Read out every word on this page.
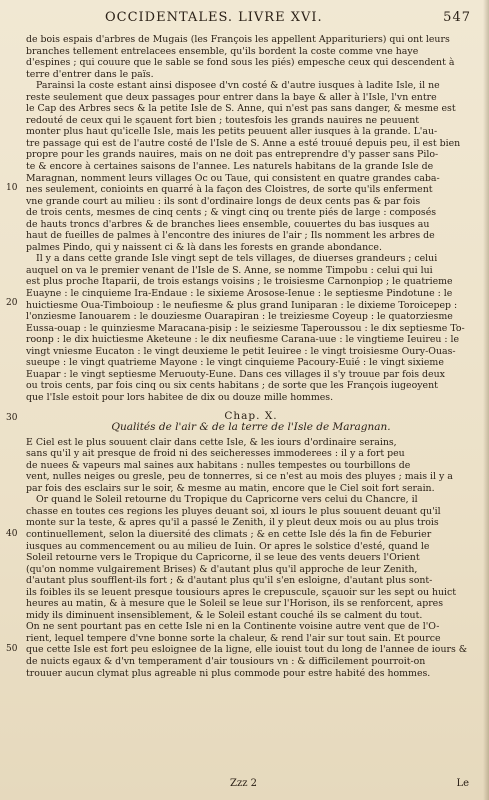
OCCIDENTALES. LIVRE XVI.	547
10
20
30
40
50

de bois espais d'arbres de Mugais (les François les appellent Apparituriers) qui ont leurs
branches tellement entrelacees ensemble, qu'ils bordent la coste comme vne haye
d'espines ; qui couure que le sable se fond sous les piés) empesche ceux qui descendent à
terre d'entrer dans le païs.

Parainsi la coste estant ainsi disposee d'vn costé & d'autre iusques à ladite Isle, il ne
reste seulement que deux passages pour entrer dans la baye & aller à l'Isle, l'vn entre
le Cap des Arbres secs & la petite Isle de S. Anne, qui n'est pas sans danger, & mesme est
redouté de ceux qui le sçauent fort bien ; toutesfois les grands nauires ne peuuent
monter plus haut qu'icelle Isle, mais les petits peuuent aller iusques à la grande. L'au-
tre passage qui est de l'autre costé de l'Isle de S. Anne a esté trouué depuis peu, il est bien
propre pour les grands nauires, mais on ne doit pas entreprendre d'y passer sans Pilo-
te & encore à certaines saisons de l'annee. Les naturels habitans de la grande Isle de
Maragnan, nomment leurs villages Oc ou Taue, qui consistent en quatre grandes caba-
nes seulement, conioints en quarré à la façon des Cloistres, de sorte qu'ils enferment
vne grande court au milieu : ils sont d'ordinaire longs de deux cents pas & par fois
de trois cents, mesmes de cinq cents ; & vingt cinq ou trente piés de large : composés
de hauts troncs d'arbres & de branches liees ensemble, couuertes du bas iusques au
haut de fueilles de palmes à l'encontre des iniures de l'air ; Ils nomment les arbres de
palmes Pindo, qui y naissent ci & là dans les forests en grande abondance.

Il y a dans cette grande Isle vingt sept de tels villages, de diuerses grandeurs ; celui
auquel on va le premier venant de l'Isle de S. Anne, se nomme Timpobu : celui qui lui
est plus proche Itaparii, de trois estangs voisins ; le troisiesme Carnonpiop ; le quatrieme
Euayne : le cinquieme Ira-Endaue : le sixieme Arosose-Ienue : le septiesme Pindotune : le
huictiesme Oua-Timboioup : le neufiesme & plus grand Iuniparan : le dixieme Toroicepep :
l'onziesme Ianouarem : le douziesme Ouarapiran : le treiziesme Coyeup : le quatorziesme
Eussa-ouap : le quinziesme Maracana-pisip : le seiziesme Taperoussou : le dix septiesme To-
roonp : le dix huictiesme Aketeune : le dix neufiesme Carana-uue : le vingtieme Ieuireu : le
vingt vniesme Eucaton : le vingt deuxieme le petit Ieuiree : le vingt troisiesme Oury-Ouas-
sueupe : le vingt quatrieme Mayone : le vingt cinquieme Pacoury-Euié : le vingt sixieme
Euapar : le vingt septiesme Meruouty-Eune. Dans ces villages il s'y trouue par fois deux
ou trois cents, par fois cinq ou six cents habitans ; de sorte que les François iugeoyent
que l'Isle estoit pour lors habitee de dix ou douze mille hommes.

Chap. X.
Qualités de l'air & de la terre de l'Isle de Maragnan.

E Ciel est le plus souuent clair dans cette Isle, & les iours d'ordinaire serains,
sans qu'il y ait presque de froid ni des seicheresses immoderees : il y a fort peu
de nuees & vapeurs mal saines aux habitans : nulles tempestes ou tourbillons de
vent, nulles neiges ou gresle, peu de tonnerres, si ce n'est au mois des pluyes ; mais il y a
par fois des esclairs sur le soir, & mesme au matin, encore que le Ciel soit fort serain.

Or quand le Soleil retourne du Tropique du Capricorne vers celui du Chancre, il
chasse en toutes ces regions les pluyes deuant soi, xl iours le plus souuent deuant qu'il
monte sur la teste, & apres qu'il a passé le Zenith, il y pleut deux mois ou au plus trois
continuellement, selon la diuersité des climats ; & en cette Isle dés la fin de Feburier
iusques au commencement ou au milieu de Iuin. Or apres le solstice d'esté, quand le
Soleil retourne vers le Tropique du Capricorne, il se leue des vents deuers l'Orient
(qu'on nomme vulgairement Brises) & d'autant plus qu'il approche de leur Zenith,
d'autant plus soufflent-ils fort ; & d'autant plus qu'il s'en esloigne, d'autant plus sont-
ils foibles ils se leuent presque tousiours apres le crepuscule, sçauoir sur les sept ou huict
heures au matin, & à mesure que le Soleil se leue sur l'Horison, ils se renforcent, apres
midy ils diminuent insensiblement, & le Soleil estant couché ils se calment du tout.
On ne sent pourtant pas en cette Isle ni en la Continente voisine autre vent que de l'O-
rient, lequel tempere d'vne bonne sorte la chaleur, & rend l'air sur tout sain. Et pource
que cette Isle est fort peu esloignee de la ligne, elle iouist tout du long de l'annee de iours &
de nuicts egaux & d'vn temperament d'air tousiours vn : & difficilement pourroit-on
trouuer aucun clymat plus agreable ni plus commode pour estre habité des hommes.

Zzz 2	Le
